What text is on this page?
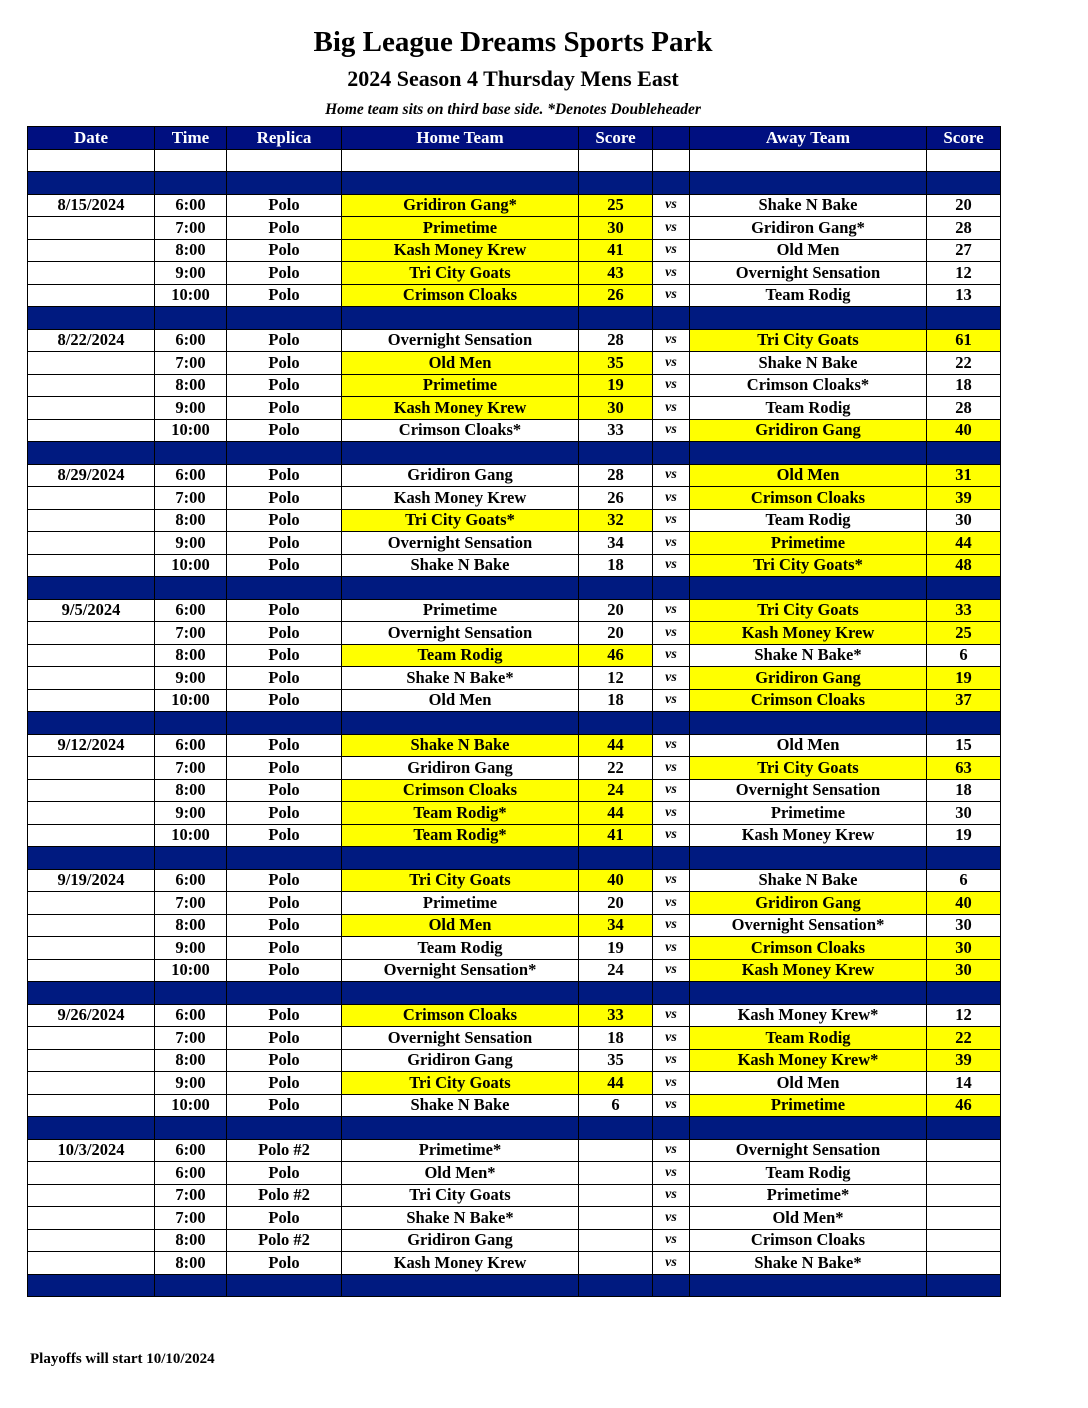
Big League Dreams Sports Park
2024 Season 4 Thursday Mens East
Home team sits on third base side. *Denotes Doubleheader
Date	Time	Replica	Home Team	Score		Away Team	Score

8/15/2024	6:00	Polo	Gridiron Gang*	25	vs	Shake N Bake	20
	7:00	Polo	Primetime	30	vs	Gridiron Gang*	28
	8:00	Polo	Kash Money Krew	41	vs	Old Men	27
	9:00	Polo	Tri City Goats	43	vs	Overnight Sensation	12
	10:00	Polo	Crimson Cloaks	26	vs	Team Rodig	13

8/22/2024	6:00	Polo	Overnight Sensation	28	vs	Tri City Goats	61
	7:00	Polo	Old Men	35	vs	Shake N Bake	22
	8:00	Polo	Primetime	19	vs	Crimson Cloaks*	18
	9:00	Polo	Kash Money Krew	30	vs	Team Rodig	28
	10:00	Polo	Crimson Cloaks*	33	vs	Gridiron Gang	40

8/29/2024	6:00	Polo	Gridiron Gang	28	vs	Old Men	31
	7:00	Polo	Kash Money Krew	26	vs	Crimson Cloaks	39
	8:00	Polo	Tri City Goats*	32	vs	Team Rodig	30
	9:00	Polo	Overnight Sensation	34	vs	Primetime	44
	10:00	Polo	Shake N Bake	18	vs	Tri City Goats*	48

9/5/2024	6:00	Polo	Primetime	20	vs	Tri City Goats	33
	7:00	Polo	Overnight Sensation	20	vs	Kash Money Krew	25
	8:00	Polo	Team Rodig	46	vs	Shake N Bake*	6
	9:00	Polo	Shake N Bake*	12	vs	Gridiron Gang	19
	10:00	Polo	Old Men	18	vs	Crimson Cloaks	37

9/12/2024	6:00	Polo	Shake N Bake	44	vs	Old Men	15
	7:00	Polo	Gridiron Gang	22	vs	Tri City Goats	63
	8:00	Polo	Crimson Cloaks	24	vs	Overnight Sensation	18
	9:00	Polo	Team Rodig*	44	vs	Primetime	30
	10:00	Polo	Team Rodig*	41	vs	Kash Money Krew	19

9/19/2024	6:00	Polo	Tri City Goats	40	vs	Shake N Bake	6
	7:00	Polo	Primetime	20	vs	Gridiron Gang	40
	8:00	Polo	Old Men	34	vs	Overnight Sensation*	30
	9:00	Polo	Team Rodig	19	vs	Crimson Cloaks	30
	10:00	Polo	Overnight Sensation*	24	vs	Kash Money Krew	30

9/26/2024	6:00	Polo	Crimson Cloaks	33	vs	Kash Money Krew*	12
	7:00	Polo	Overnight Sensation	18	vs	Team Rodig	22
	8:00	Polo	Gridiron Gang	35	vs	Kash Money Krew*	39
	9:00	Polo	Tri City Goats	44	vs	Old Men	14
	10:00	Polo	Shake N Bake	6	vs	Primetime	46

10/3/2024	6:00	Polo #2	Primetime*		vs	Overnight Sensation	
	6:00	Polo	Old Men*		vs	Team Rodig	
	7:00	Polo #2	Tri City Goats		vs	Primetime*	
	7:00	Polo	Shake N Bake*		vs	Old Men*	
	8:00	Polo #2	Gridiron Gang		vs	Crimson Cloaks	
	8:00	Polo	Kash Money Krew		vs	Shake N Bake*	

Playoffs will start 10/10/2024
